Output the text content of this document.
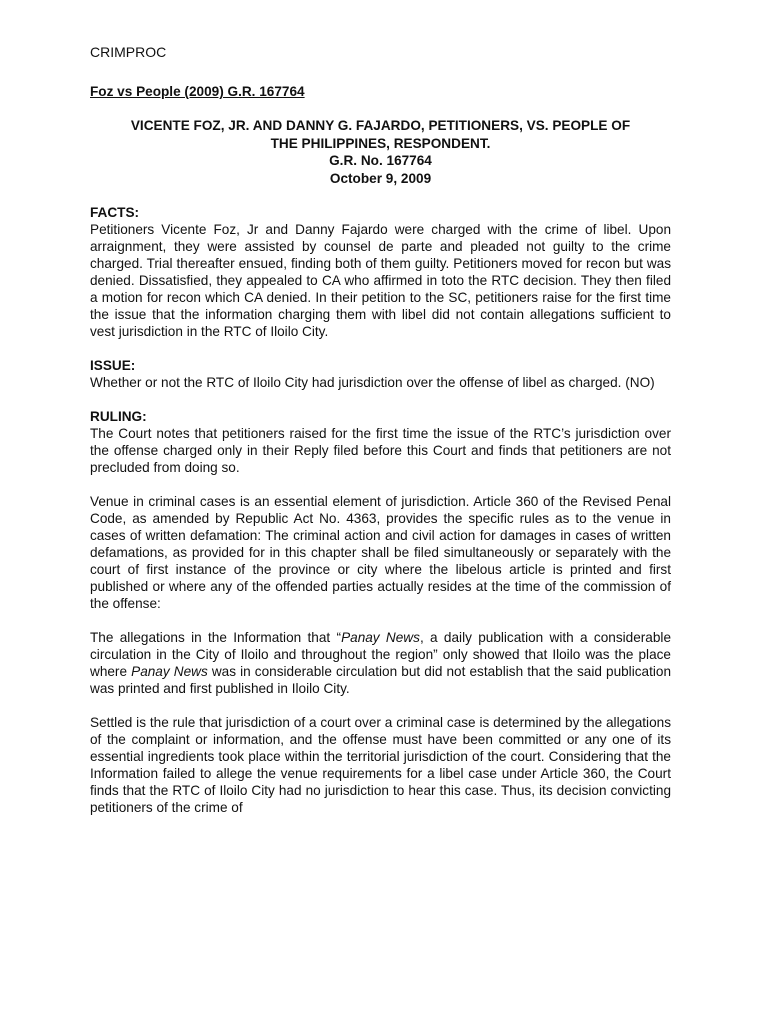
CRIMPROC
Foz vs People (2009) G.R. 167764
VICENTE FOZ, JR. AND DANNY G. FAJARDO, PETITIONERS, VS. PEOPLE OF
THE PHILIPPINES, RESPONDENT.
G.R. No. 167764
October 9, 2009
FACTS:
Petitioners Vicente Foz, Jr and Danny Fajardo were charged with the crime of libel. Upon arraignment, they were assisted by counsel de parte and pleaded not guilty to the crime charged. Trial thereafter ensued, finding both of them guilty. Petitioners moved for recon but was denied. Dissatisfied, they appealed to CA who affirmed in toto the RTC decision. They then filed a motion for recon which CA denied. In their petition to the SC, petitioners raise for the first time the issue that the information charging them with libel did not contain allegations sufficient to vest jurisdiction in the RTC of Iloilo City.
ISSUE:
Whether or not the RTC of Iloilo City had jurisdiction over the offense of libel as charged. (NO)
RULING:
The Court notes that petitioners raised for the first time the issue of the RTC’s jurisdiction over the offense charged only in their Reply filed before this Court and finds that petitioners are not precluded from doing so.
Venue in criminal cases is an essential element of jurisdiction. Article 360 of the Revised Penal Code, as amended by Republic Act No. 4363, provides the specific rules as to the venue in cases of written defamation: The criminal action and civil action for damages in cases of written defamations, as provided for in this chapter shall be filed simultaneously or separately with the court of first instance of the province or city where the libelous article is printed and first published or where any of the offended parties actually resides at the time of the commission of the offense:
The allegations in the Information that “Panay News, a daily publication with a considerable circulation in the City of Iloilo and throughout the region” only showed that Iloilo was the place where Panay News was in considerable circulation but did not establish that the said publication was printed and first published in Iloilo City.
Settled is the rule that jurisdiction of a court over a criminal case is determined by the allegations of the complaint or information, and the offense must have been committed or any one of its essential ingredients took place within the territorial jurisdiction of the court. Considering that the Information failed to allege the venue requirements for a libel case under Article 360, the Court finds that the RTC of Iloilo City had no jurisdiction to hear this case. Thus, its decision convicting petitioners of the crime of
